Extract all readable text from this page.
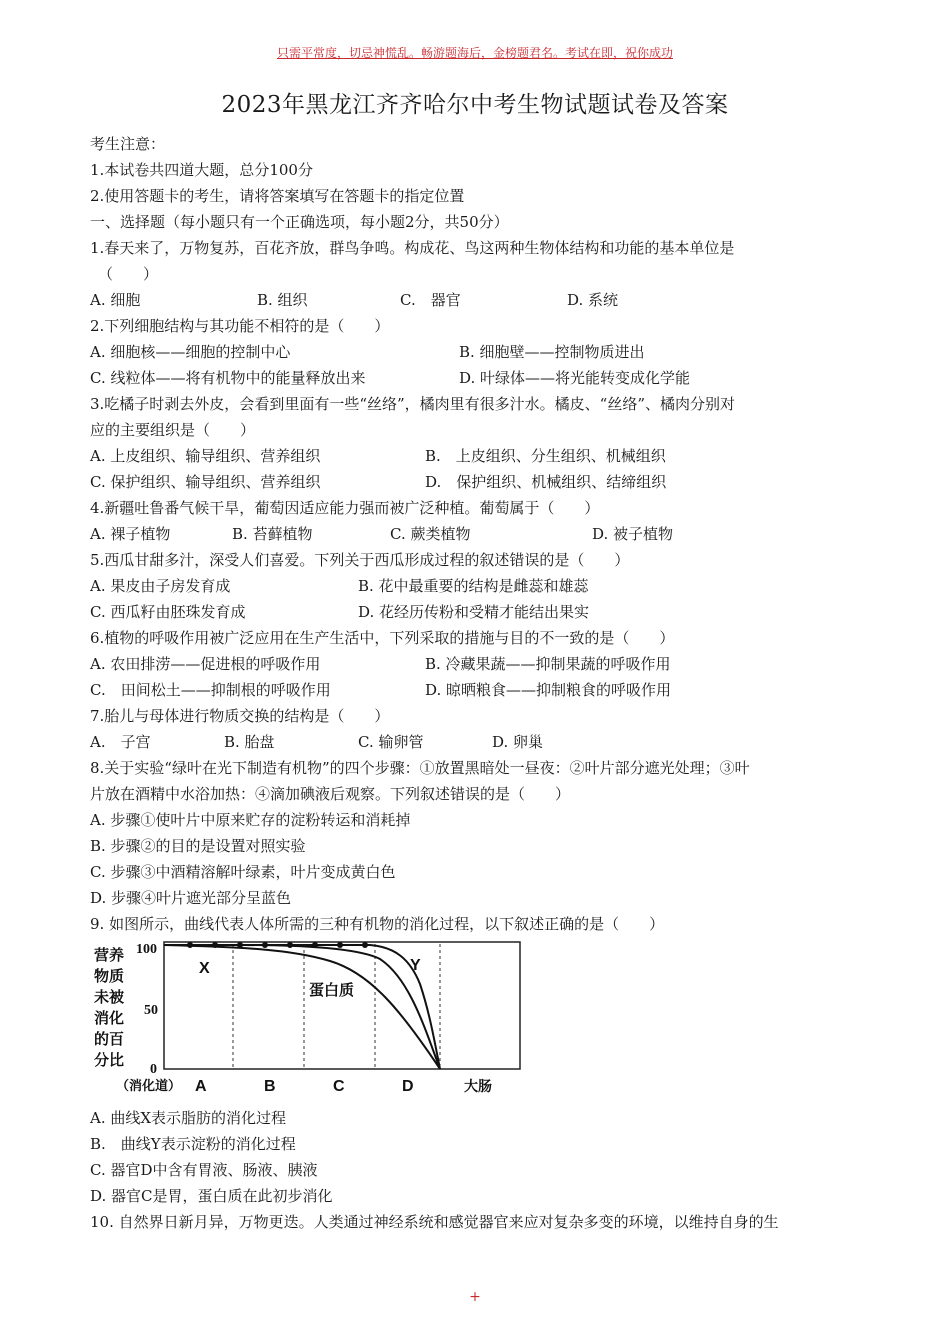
只需平常度，切忌神慌乱。畅游题海后，金榜题君名。考试在即，祝你成功
2023年黑龙江齐齐哈尔中考生物试题试卷及答案
考生注意：
1.本试卷共四道大题，总分100分
2.使用答题卡的考生，请将答案填写在答题卡的指定位置
一、选择题（每小题只有一个正确选项，每小题2分，共50分）
1.春天来了，万物复苏，百花齐放，群鸟争鸣。构成花、鸟这两种生物体结构和功能的基本单位是
（　　）
A. 细胞	B. 组织	C.　器官	D. 系统
2.下列细胞结构与其功能不相符的是（　　）
A. 细胞核——细胞的控制中心	B. 细胞壁——控制物质进出
C. 线粒体——将有机物中的能量释放出来	D. 叶绿体——将光能转变成化学能
3.吃橘子时剥去外皮，会看到里面有一些“丝络”，橘肉里有很多汁水。橘皮、“丝络”、橘肉分别对
应的主要组织是（　　）
A. 上皮组织、输导组织、营养组织	B.　上皮组织、分生组织、机械组织
C. 保护组织、输导组织、营养组织	D.　保护组织、机械组织、结缔组织
4.新疆吐鲁番气候干旱，葡萄因适应能力强而被广泛种植。葡萄属于（　　）
A. 裸子植物	B. 苔藓植物	C. 蕨类植物	D. 被子植物
5.西瓜甘甜多汁，深受人们喜爱。下列关于西瓜形成过程的叙述错误的是（　　）
A. 果皮由子房发育成	B. 花中最重要的结构是雌蕊和雄蕊
C. 西瓜籽由胚珠发育成	D. 花经历传粉和受精才能结出果实
6.植物的呼吸作用被广泛应用在生产生活中，下列采取的措施与目的不一致的是（　　）
A. 农田排涝——促进根的呼吸作用	B. 冷藏果蔬——抑制果蔬的呼吸作用
C.　田间松土——抑制根的呼吸作用	D. 晾晒粮食——抑制粮食的呼吸作用
7.胎儿与母体进行物质交换的结构是（　　）
A.　子宫	B. 胎盘	C. 输卵管	D. 卵巢
8.关于实验“绿叶在光下制造有机物”的四个步骤：①放置黑暗处一昼夜：②叶片部分遮光处理；③叶
片放在酒精中水浴加热：④滴加碘液后观察。下列叙述错误的是（　　）
A. 步骤①使叶片中原来贮存的淀粉转运和消耗掉
B. 步骤②的目的是设置对照实验
C. 步骤③中酒精溶解叶绿素，叶片变成黄白色
D. 步骤④叶片遮光部分呈蓝色
9. 如图所示，曲线代表人体所需的三种有机物的消化过程，以下叙述正确的是（　　）
营养
物质
未被
消化
的百
分比
100
50
0
X	Y
蛋白质
（消化道） A	B	C	D	大肠
A. 曲线X表示脂肪的消化过程
B.　曲线Y表示淀粉的消化过程
C. 器官D中含有胃液、肠液、胰液
D. 器官C是胃，蛋白质在此初步消化
10. 自然界日新月异，万物更迭。人类通过神经系统和感觉器官来应对复杂多变的环境，以维持自身的生
+
